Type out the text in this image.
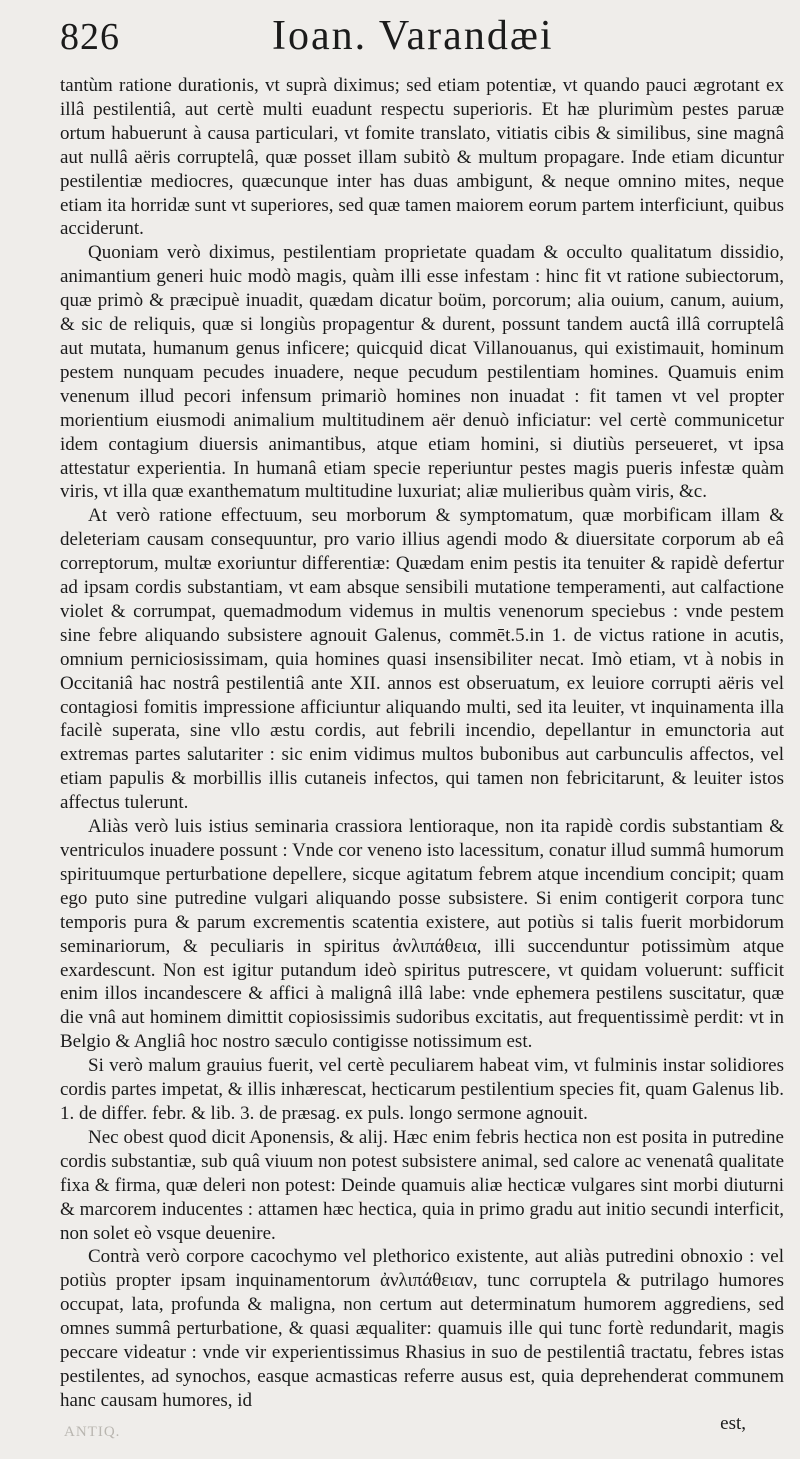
826	Ioan. Varandæi

tantùm ratione durationis, vt suprà diximus; sed etiam potentiæ, vt quando pauci ægrotant ex illâ pestilentiâ, aut certè multi euadunt respectu superioris. Et hæ plurimùm pestes paruæ ortum habuerunt à causa particulari, vt fomite translato, vitiatis cibis & similibus, sine magnâ aut nullâ aëris corruptelâ, quæ posset illam subitò & multum propagare. Inde etiam dicuntur pestilentiæ mediocres, quæcunque inter has duas ambigunt, & neque omnino mites, neque etiam ita horridæ sunt vt superiores, sed quæ tamen maiorem eorum partem interficiunt, quibus acciderunt.

Quoniam verò diximus, pestilentiam proprietate quadam & occulto qualitatum dissidio, animantium generi huic modò magis, quàm illi esse infestam : hinc fit vt ratione subiectorum, quæ primò & præcipuè inuadit, quædam dicatur boüm, porcorum; alia ouium, canum, auium, & sic de reliquis, quæ si longiùs propagentur & durent, possunt tandem auctâ illâ corruptelâ aut mutata, humanum genus inficere; quicquid dicat Villanouanus, qui existimauit, hominum pestem nunquam pecudes inuadere, neque pecudum pestilentiam homines. Quamuis enim venenum illud pecori infensum primariò homines non inuadat : fit tamen vt vel propter morientium eiusmodi animalium multitudinem aër denuò inficiatur: vel certè communicetur idem contagium diuersis animantibus, atque etiam homini, si diutiùs perseueret, vt ipsa attestatur experientia. In humanâ etiam specie reperiuntur pestes magis pueris infestæ quàm viris, vt illa quæ exanthematum multitudine luxuriat; aliæ mulieribus quàm viris, &c.

At verò ratione effectuum, seu morborum & symptomatum, quæ morbificam illam & deleteriam causam consequuntur, pro vario illius agendi modo & diuersitate corporum ab eâ correptorum, multæ exoriuntur differentiæ: Quædam enim pestis ita tenuiter & rapidè defertur ad ipsam cordis substantiam, vt eam absque sensibili mutatione temperamenti, aut calfactione violet & corrumpat, quemadmodum videmus in multis venenorum speciebus : vnde pestem sine febre aliquando subsistere agnouit Galenus, commēt.5.in 1. de victus ratione in acutis, omnium perniciosissimam, quia homines quasi insensibiliter necat. Imò etiam, vt à nobis in Occitaniâ hac nostrâ pestilentiâ ante XII. annos est obseruatum, ex leuiore corrupti aëris vel contagiosi fomitis impressione afficiuntur aliquando multi, sed ita leuiter, vt inquinamenta illa facilè superata, sine vllo æstu cordis, aut febrili incendio, depellantur in emunctoria aut extremas partes salutariter : sic enim vidimus multos bubonibus aut carbunculis affectos, vel etiam papulis & morbillis illis cutaneis infectos, qui tamen non febricitarunt, & leuiter istos affectus tulerunt.

Aliàs verò luis istius seminaria crassiora lentioraque, non ita rapidè cordis substantiam & ventriculos inuadere possunt : Vnde cor veneno isto lacessitum, conatur illud summâ humorum spirituumque perturbatione depellere, sicque agitatum febrem atque incendium concipit; quam ego puto sine putredine vulgari aliquando posse subsistere. Si enim contigerit corpora tunc temporis pura & parum excrementis scatentia existere, aut potiùs si talis fuerit morbidorum seminariorum, & peculiaris in spiritus ἀνλιπάθεια, illi succenduntur potissimùm atque exardescunt. Non est igitur putandum ideò spiritus putrescere, vt quidam voluerunt: sufficit enim illos incandescere & affici à malignâ illâ labe: vnde ephemera pestilens suscitatur, quæ die vnâ aut hominem dimittit copiosissimis sudoribus excitatis, aut frequentissimè perdit: vt in Belgio & Angliâ hoc nostro sæculo contigisse notissimum est.

Si verò malum grauius fuerit, vel certè peculiarem habeat vim, vt fulminis instar solidiores cordis partes impetat, & illis inhærescat, hecticarum pestilentium species fit, quam Galenus lib. 1. de differ. febr. & lib. 3. de præsag. ex puls. longo sermone agnouit.

Nec obest quod dicit Aponensis, & alij. Hæc enim febris hectica non est posita in putredine cordis substantiæ, sub quâ viuum non potest subsistere animal, sed calore ac venenatâ qualitate fixa & firma, quæ deleri non potest: Deinde quamuis aliæ hecticæ vulgares sint morbi diuturni & marcorem inducentes : attamen hæc hectica, quia in primo gradu aut initio secundi interficit, non solet eò vsque deuenire.

Contrà verò corpore cacochymo vel plethorico existente, aut aliàs putredini obnoxio : vel potiùs propter ipsam inquinamentorum ἀνλιπάθειαν, tunc corruptela & putrilago humores occupat, lata, profunda & maligna, non certum aut determinatum humorem aggrediens, sed omnes summâ perturbatione, & quasi æqualiter: quamuis ille qui tunc fortè redundarit, magis peccare videatur : vnde vir experientissimus Rhasius in suo de pestilentiâ tractatu, febres istas pestilentes, ad synochos, easque acmasticas referre ausus est, quia deprehenderat communem hanc causam humores, id

est,
ANTIQ.
